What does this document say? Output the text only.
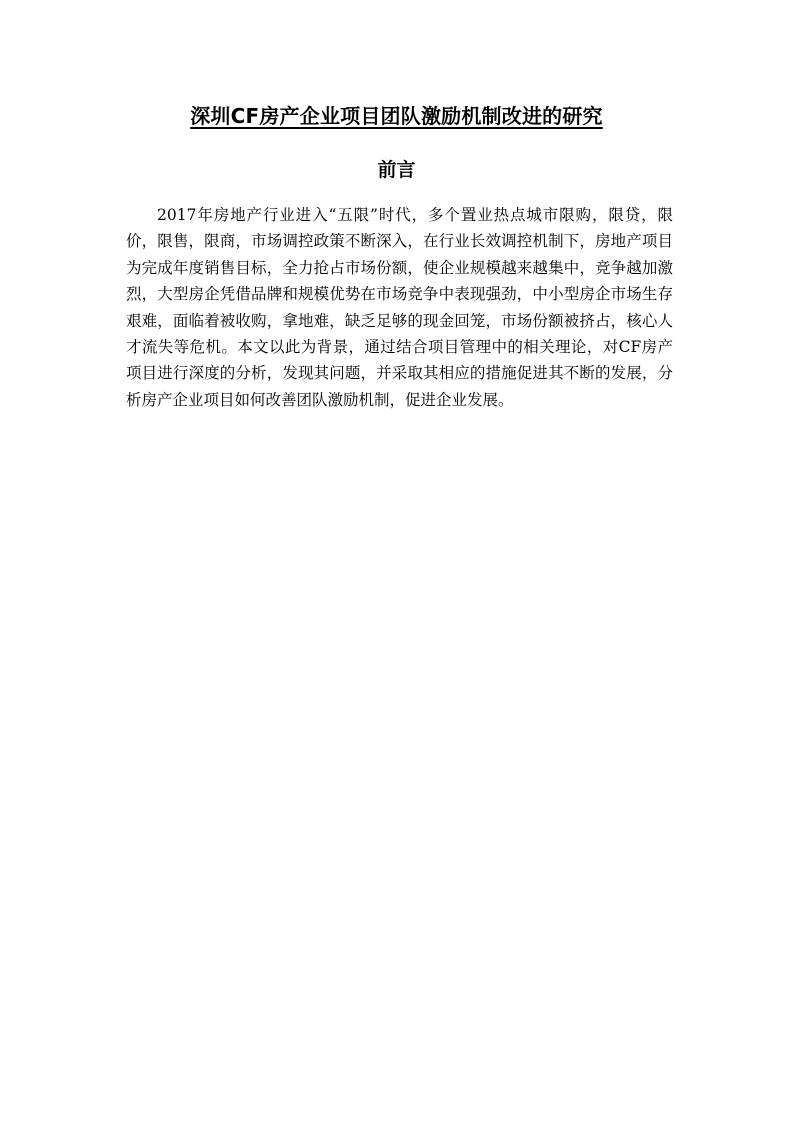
深圳CF房产企业项目团队激励机制改进的研究
前言

2017年房地产行业进入“五限”时代，多个置业热点城市限购，限贷，限价，限售，限商，市场调控政策不断深入，在行业长效调控机制下，房地产项目为完成年度销售目标，全力抢占市场份额，使企业规模越来越集中，竞争越加激烈，大型房企凭借品牌和规模优势在市场竞争中表现强劲，中小型房企市场生存艰难，面临着被收购，拿地难，缺乏足够的现金回笼，市场份额被挤占，核心人才流失等危机。本文以此为背景，通过结合项目管理中的相关理论，对CF房产项目进行深度的分析，发现其问题，并采取其相应的措施促进其不断的发展，分析房产企业项目如何改善团队激励机制，促进企业发展。
